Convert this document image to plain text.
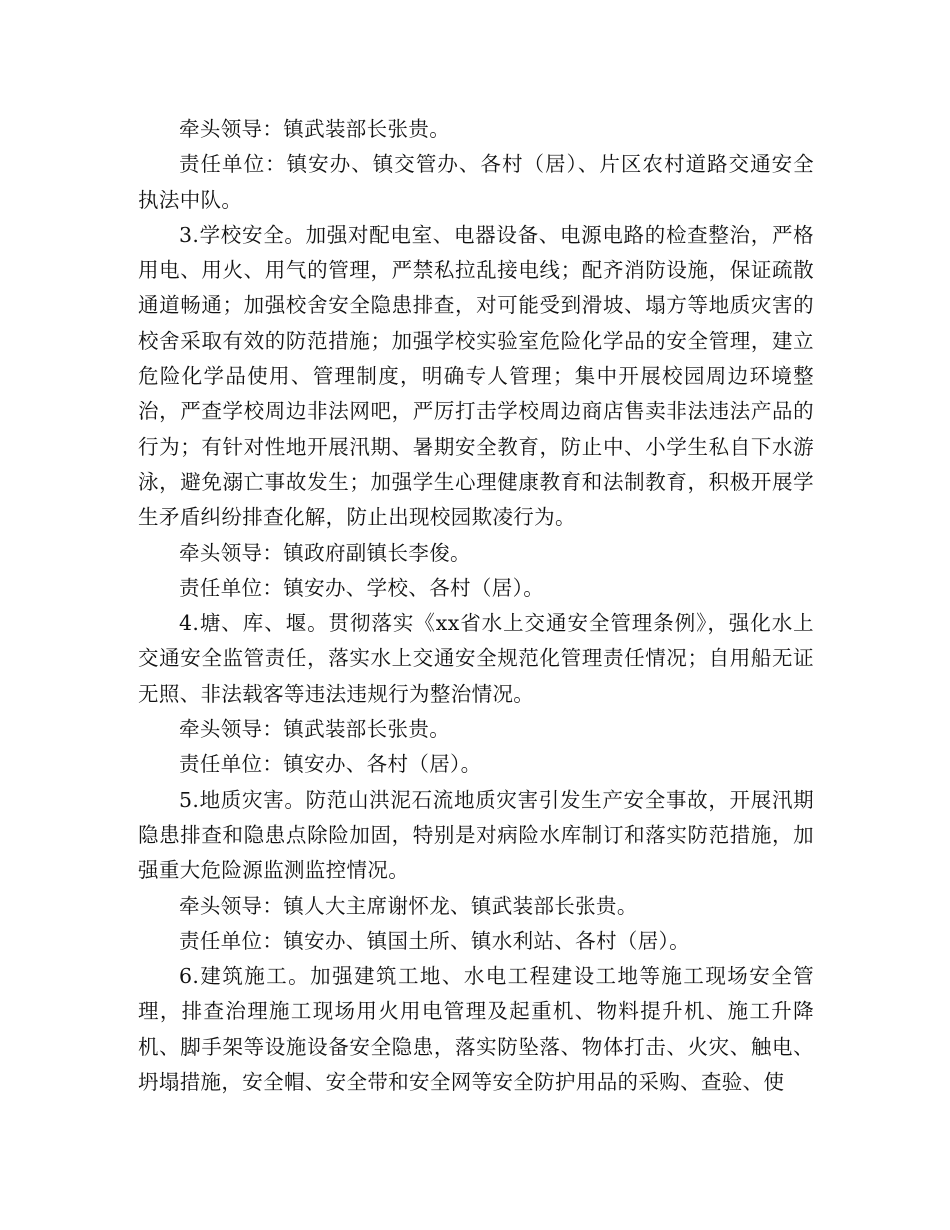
牵头领导：镇武装部长张贵。

责任单位：镇安办、镇交管办、各村（居）、片区农村道路交通安全执法中队。

3.学校安全。加强对配电室、电器设备、电源电路的检查整治，严格用电、用火、用气的管理，严禁私拉乱接电线；配齐消防设施，保证疏散通道畅通；加强校舍安全隐患排查，对可能受到滑坡、塌方等地质灾害的校舍采取有效的防范措施；加强学校实验室危险化学品的安全管理，建立危险化学品使用、管理制度，明确专人管理；集中开展校园周边环境整治，严查学校周边非法网吧，严厉打击学校周边商店售卖非法违法产品的行为；有针对性地开展汛期、暑期安全教育，防止中、小学生私自下水游泳，避免溺亡事故发生；加强学生心理健康教育和法制教育，积极开展学生矛盾纠纷排查化解，防止出现校园欺凌行为。

牵头领导：镇政府副镇长李俊。

责任单位：镇安办、学校、各村（居）。

4.塘、库、堰。贯彻落实《xx省水上交通安全管理条例》，强化水上交通安全监管责任，落实水上交通安全规范化管理责任情况；自用船无证无照、非法载客等违法违规行为整治情况。

牵头领导：镇武装部长张贵。

责任单位：镇安办、各村（居）。

5.地质灾害。防范山洪泥石流地质灾害引发生产安全事故，开展汛期隐患排查和隐患点除险加固，特别是对病险水库制订和落实防范措施，加强重大危险源监测监控情况。

牵头领导：镇人大主席谢怀龙、镇武装部长张贵。

责任单位：镇安办、镇国土所、镇水利站、各村（居）。

6.建筑施工。加强建筑工地、水电工程建设工地等施工现场安全管理，排查治理施工现场用火用电管理及起重机、物料提升机、施工升降机、脚手架等设施设备安全隐患，落实防坠落、物体打击、火灾、触电、坍塌措施，安全帽、安全带和安全网等安全防护用品的采购、查验、使
